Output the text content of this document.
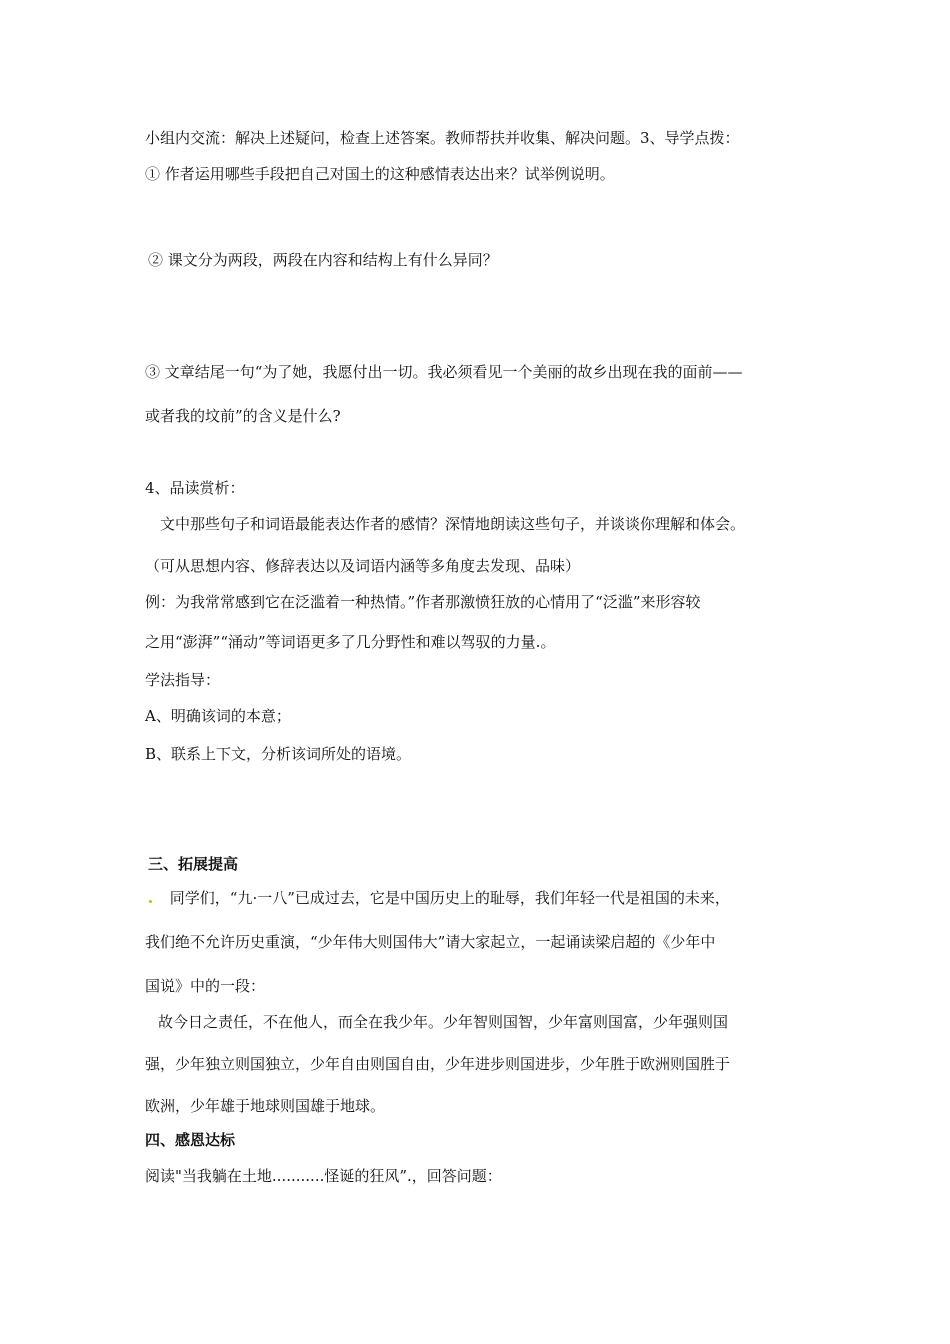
小组内交流：解决上述疑问，检查上述答案。教师帮扶并收集、解决问题。3、导学点拨：
① 作者运用哪些手段把自己对国土的这种感情表达出来？试举例说明。
② 课文分为两段，两段在内容和结构上有什么异同？
③ 文章结尾一句“为了她，我愿付出一切。我必须看见一个美丽的故乡出现在我的面前——
或者我的坟前”的含义是什么?
4、品读赏析：
文中那些句子和词语最能表达作者的感情？深情地朗读这些句子，并谈谈你理解和体会。
（可从思想内容、修辞表达以及词语内涵等多角度去发现、品味）
例：为我常常感到它在泛滥着一种热情。”作者那激愤狂放的心情用了“泛滥”来形容较
之用“澎湃”“涌动”等词语更多了几分野性和难以驾驭的力量.。
学法指导：
A、明确该词的本意；
B、联系上下文，分析该词所处的语境。
三、拓展提高
同学们，“九·一八”已成过去，它是中国历史上的耻辱，我们年轻一代是祖国的未来，
我们绝不允许历史重演，“少年伟大则国伟大”请大家起立，一起诵读梁启超的《少年中
国说》中的一段：
故今日之责任，不在他人，而全在我少年。少年智则国智，少年富则国富，少年强则国
强，少年独立则国独立，少年自由则国自由，少年进步则国进步，少年胜于欧洲则国胜于
欧洲，少年雄于地球则国雄于地球。
四、感恩达标
阅读"当我躺在土地...........怪诞的狂风”.，回答问题：
